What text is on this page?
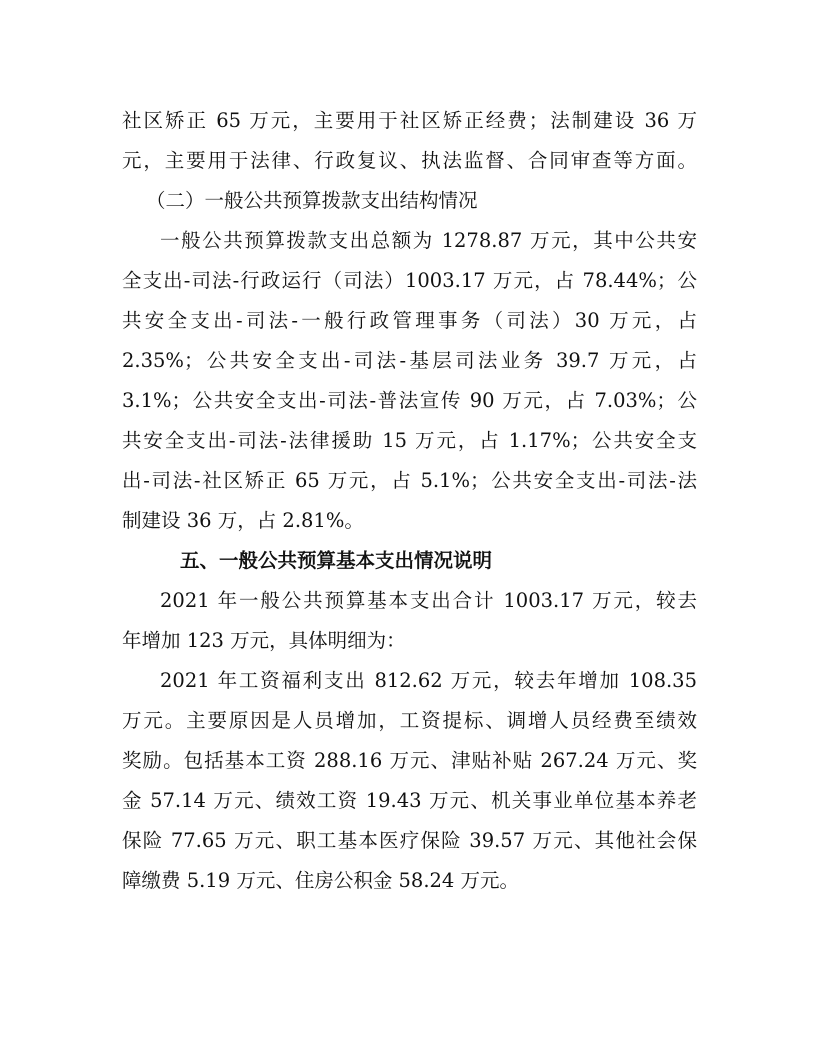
社区矫正 65 万元，主要用于社区矫正经费；法制建设 36 万
元，主要用于法律、行政复议、执法监督、合同审查等方面。
（二）一般公共预算拨款支出结构情况
一般公共预算拨款支出总额为 1278.87 万元，其中公共安
全支出-司法-行政运行（司法）1003.17 万元，占 78.44%；公
共安全支出-司法-一般行政管理事务（司法）30 万元，占
2.35%；公共安全支出-司法-基层司法业务 39.7 万元，占
3.1%；公共安全支出-司法-普法宣传 90 万元，占 7.03%；公
共安全支出-司法-法律援助 15 万元，占 1.17%；公共安全支
出-司法-社区矫正 65 万元，占 5.1%；公共安全支出-司法-法
制建设 36 万，占 2.81%。
五、一般公共预算基本支出情况说明
2021 年一般公共预算基本支出合计 1003.17 万元，较去
年增加 123 万元，具体明细为：
2021 年工资福利支出 812.62 万元，较去年增加 108.35
万元。主要原因是人员增加，工资提标、调增人员经费至绩效
奖励。包括基本工资 288.16 万元、津贴补贴 267.24 万元、奖
金 57.14 万元、绩效工资 19.43 万元、机关事业单位基本养老
保险 77.65 万元、职工基本医疗保险 39.57 万元、其他社会保
障缴费 5.19 万元、住房公积金 58.24 万元。
